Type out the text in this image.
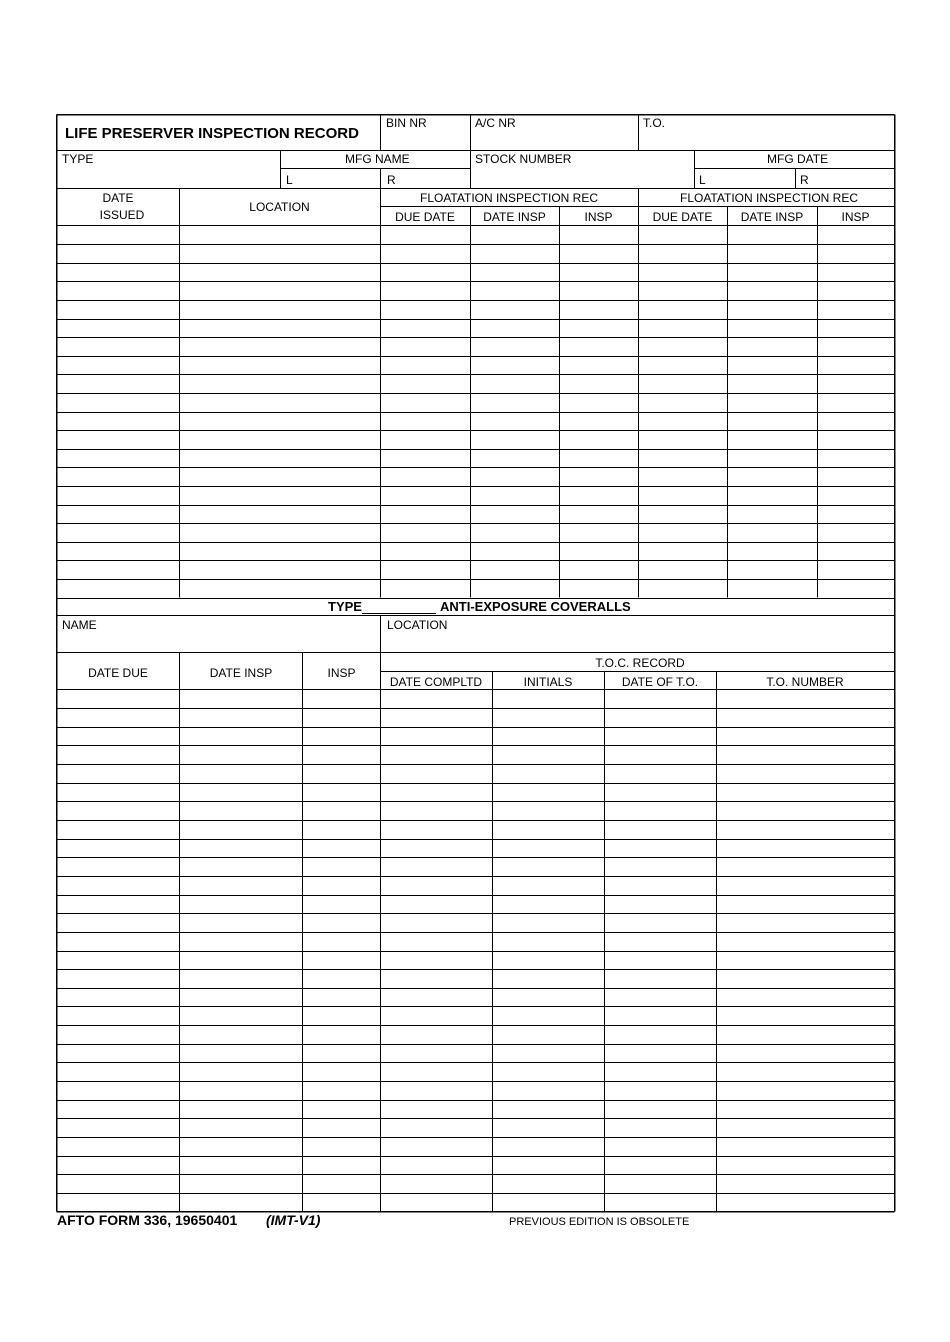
LIFE PRESERVER INSPECTION RECORD
BIN NR	A/C NR	T.O.
TYPE	MFG NAME	STOCK NUMBER	MFG DATE
L	R	L	R
DATE
ISSUED
LOCATION
FLOATATION INSPECTION REC	FLOATATION INSPECTION REC
DUE DATE	DATE INSP	INSP	DUE DATE	DATE INSP	INSP
TYPE	ANTI-EXPOSURE COVERALLS
NAME	LOCATION
DATE DUE	DATE INSP	INSP
T.O.C. RECORD
DATE COMPLTD	INITIALS	DATE OF T.O.	T.O. NUMBER
AFTO FORM 336, 19650401 (IMT-V1)	PREVIOUS EDITION IS OBSOLETE
